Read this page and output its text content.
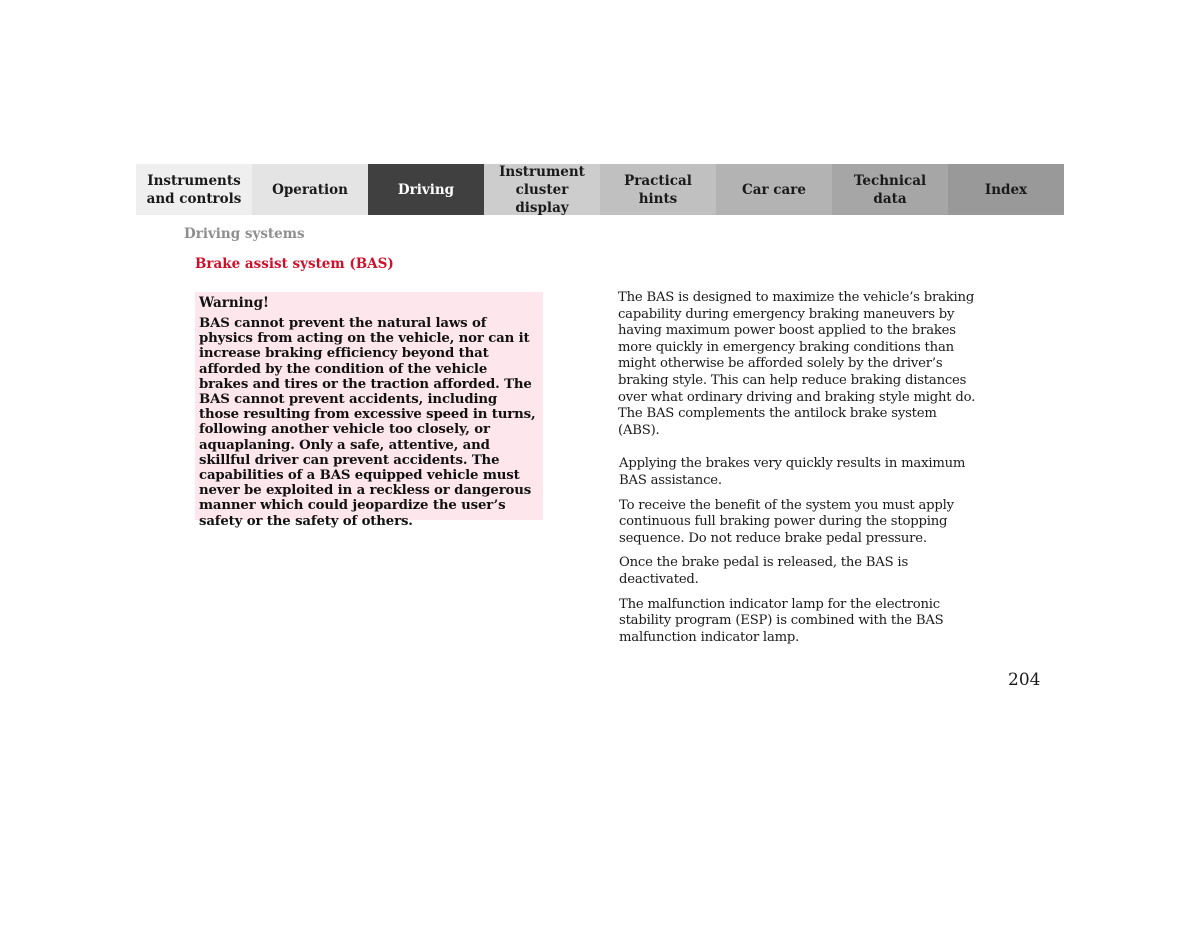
Instruments
and controls
Operation	Driving
Instrument
cluster display
Practical hints
Car care
Technical
data
Index
Driving systems
Brake assist system (BAS)

Warning!

BAS cannot prevent the natural laws of physics from acting on the vehicle, nor can it increase braking efficiency beyond that afforded by the condition of the vehicle brakes and tires or the traction afforded. The BAS cannot prevent accidents, including those resulting from excessive speed in turns, following another vehicle too closely, or aquaplaning. Only a safe, attentive, and skillful driver can prevent accidents. The capabilities of a BAS equipped vehicle must never be exploited in a reckless or dangerous manner which could jeopardize the user’s safety or the safety of others.

The BAS is designed to maximize the vehicle’s braking capability during emergency braking maneuvers by having maximum power boost applied to the brakes more quickly in emergency braking conditions than might otherwise be afforded solely by the driver’s braking style. This can help reduce braking distances over what ordinary driving and braking style might do. The BAS complements the antilock brake system (ABS).

Applying the brakes very quickly results in maximum BAS assistance.

To receive the benefit of the system you must apply continuous full braking power during the stopping sequence. Do not reduce brake pedal pressure.

Once the brake pedal is released, the BAS is deactivated.

The malfunction indicator lamp for the electronic stability program (ESP) is combined with the BAS malfunction indicator lamp.

204
